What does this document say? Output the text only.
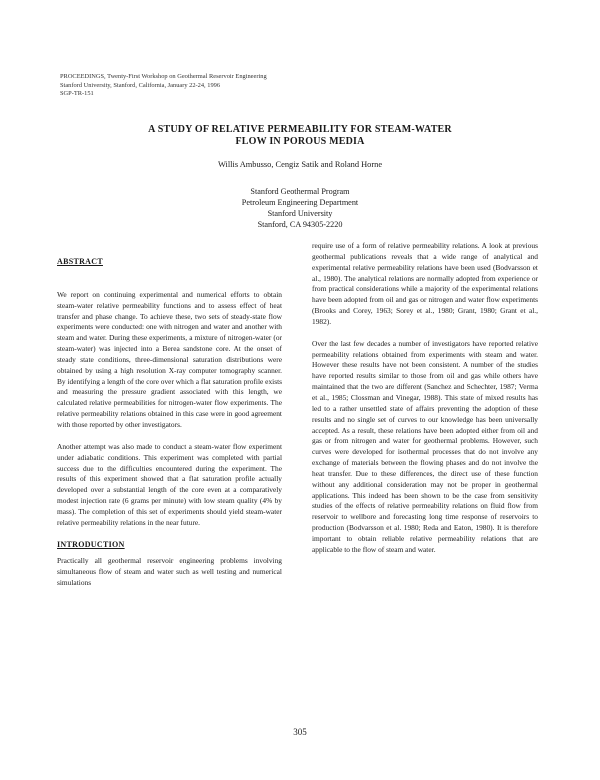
PROCEEDINGS, Twenty-First Workshop on Geothermal Reservoir Engineering
Stanford University, Stanford, California, January 22-24, 1996
SGP-TR-151
A STUDY OF RELATIVE PERMEABILITY FOR STEAM-WATER
FLOW IN POROUS MEDIA
Willis Ambusso, Cengiz Satik and Roland Horne
Stanford Geothermal Program
Petroleum Engineering Department
Stanford University
Stanford, CA 94305-2220
ABSTRACT

We report on continuing experimental and numerical efforts to obtain steam-water relative permeability functions and to assess effect of heat transfer and phase change. To achieve these, two sets of steady-state flow experiments were conducted: one with nitrogen and water and another with steam and water. During these experiments, a mixture of nitrogen-water (or steam-water) was injected into a Berea sandstone core. At the onset of steady state conditions, three-dimensional saturation distributions were obtained by using a high resolution X-ray computer tomography scanner. By identifying a length of the core over which a flat saturation profile exists and measuring the pressure gradient associated with this length, we calculated relative permeabilities for nitrogen-water flow experiments. The relative permeability relations obtained in this case were in good agreement with those reported by other investigators.

Another attempt was also made to conduct a steam-water flow experiment under adiabatic conditions. This experiment was completed with partial success due to the difficulties encountered during the experiment. The results of this experiment showed that a flat saturation profile actually developed over a substantial length of the core even at a comparatively modest injection rate (6 grams per minute) with low steam quality (4% by mass). The completion of this set of experiments should yield steam-water relative permeability relations in the near future.

INTRODUCTION

Practically all geothermal reservoir engineering problems involving simultaneous flow of steam and water such as well testing and numerical simulations

require use of a form of relative permeability relations. A look at previous geothermal publications reveals that a wide range of analytical and experimental relative permeability relations have been used (Bodvarsson et al., 1980). The analytical relations are normally adopted from experience or from practical considerations while a majority of the experimental relations have been adopted from oil and gas or nitrogen and water flow experiments (Brooks and Corey, 1963; Sorey et al., 1980; Grant, 1980; Grant et al., 1982).

Over the last few decades a number of investigators have reported relative permeability relations obtained from experiments with steam and water. However these results have not been consistent. A number of the studies have reported results similar to those from oil and gas while others have maintained that the two are different (Sanchez and Schechter, 1987; Verma et al., 1985; Clossman and Vinegar, 1988). This state of mixed results has led to a rather unsettled state of affairs preventing the adoption of these results and no single set of curves to our knowledge has been universally accepted. As a result, these relations have been adopted either from oil and gas or from nitrogen and water for geothermal problems. However, such curves were developed for isothermal processes that do not involve any exchange of materials between the flowing phases and do not involve the heat transfer. Due to these differences, the direct use of these function without any additional consideration may not be proper in geothermal applications. This indeed has been shown to be the case from sensitivity studies of the effects of relative permeability relations on fluid flow from reservoir to wellbore and forecasting long time response of reservoirs to production (Bodvarsson et al. 1980; Reda and Eaton, 1980). It is therefore important to obtain reliable relative permeability relations that are applicable to the flow of steam and water.

305
